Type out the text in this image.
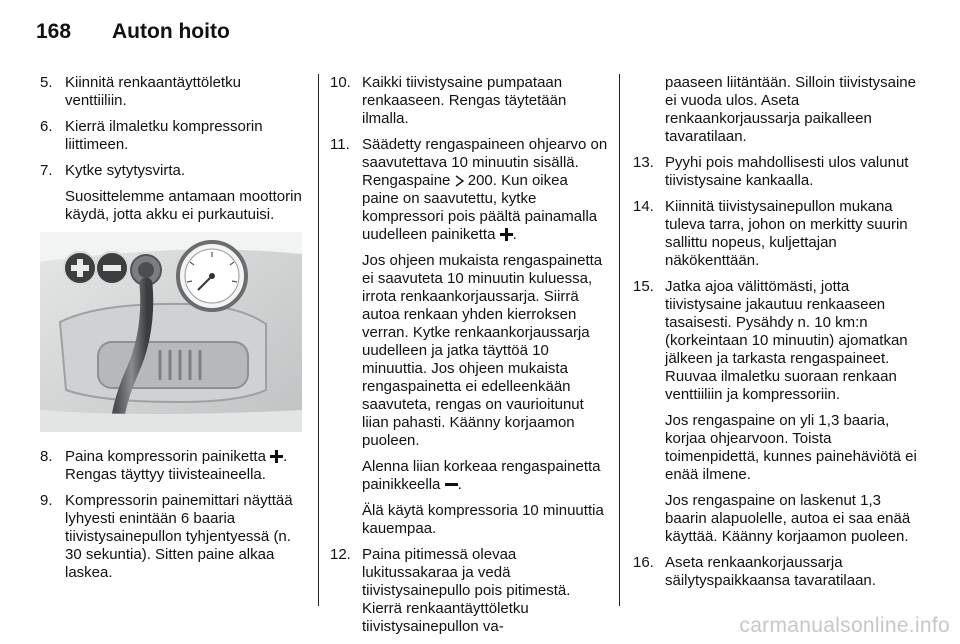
168	Auton hoito
5. Kiinnitä renkaantäyttöletku venttiiliin.
6. Kierrä ilmaletku kompressorin liittimeen.
7. Kytke sytytysvirta.
Suosittelemme antamaan moottorin käydä, jotta akku ei purkautuisi.
8. Paina kompressorin painiketta . Rengas täyttyy tiivisteaineella.
9. Kompressorin painemittari näyttää lyhyesti enintään 6 baaria tiivistysainepullon tyhjentyessä (n. 30 sekuntia). Sitten paine alkaa laskea.
10. Kaikki tiivistysaine pumpataan renkaaseen. Rengas täytetään ilmalla.
11. Säädetty rengaspaineen ohjearvo on saavutettava 10 minuutin sisällä. Rengaspaine  200. Kun oikea paine on saavutettu, kytke kompressori pois päältä painamalla uudelleen painiketta .
Jos ohjeen mukaista rengaspainetta ei saavuteta 10 minuutin kuluessa, irrota renkaankorjaussarja. Siirrä autoa renkaan yhden kierroksen verran. Kytke renkaankorjaussarja uudelleen ja jatka täyttöä 10 minuuttia. Jos ohjeen mukaista rengaspainetta ei edelleenkään saavuteta, rengas on vaurioitunut liian pahasti. Käänny korjaamon puoleen.
Alenna liian korkeaa rengaspainetta painikkeella .
Älä käytä kompressoria 10 minuuttia kauempaa.
12. Paina pitimessä olevaa lukitussakaraa ja vedä tiivistysainepullo pois pitimestä. Kierrä renkaantäyttöletku tiivistysainepullon va-
paaseen liitäntään. Silloin tiivistysaine ei vuoda ulos. Aseta renkaankorjaussarja paikalleen tavaratilaan.
13. Pyyhi pois mahdollisesti ulos valunut tiivistysaine kankaalla.
14. Kiinnitä tiivistysainepullon mukana tuleva tarra, johon on merkitty suurin sallittu nopeus, kuljettajan näkökenttään.
15. Jatka ajoa välittömästi, jotta tiivistysaine jakautuu renkaaseen tasaisesti. Pysähdy n. 10 km:n (korkeintaan 10 minuutin) ajomatkan jälkeen ja tarkasta rengaspaineet. Ruuvaa ilmaletku suoraan renkaan venttiiliin ja kompressoriin.
Jos rengaspaine on yli 1,3 baaria, korjaa ohjearvoon. Toista toimenpidettä, kunnes painehäviötä ei enää ilmene.
Jos rengaspaine on laskenut 1,3 baarin alapuolelle, autoa ei saa enää käyttää. Käänny korjaamon puoleen.
16. Aseta renkaankorjaussarja säilytyspaikkaansa tavaratilaan.
carmanualsonline.info
